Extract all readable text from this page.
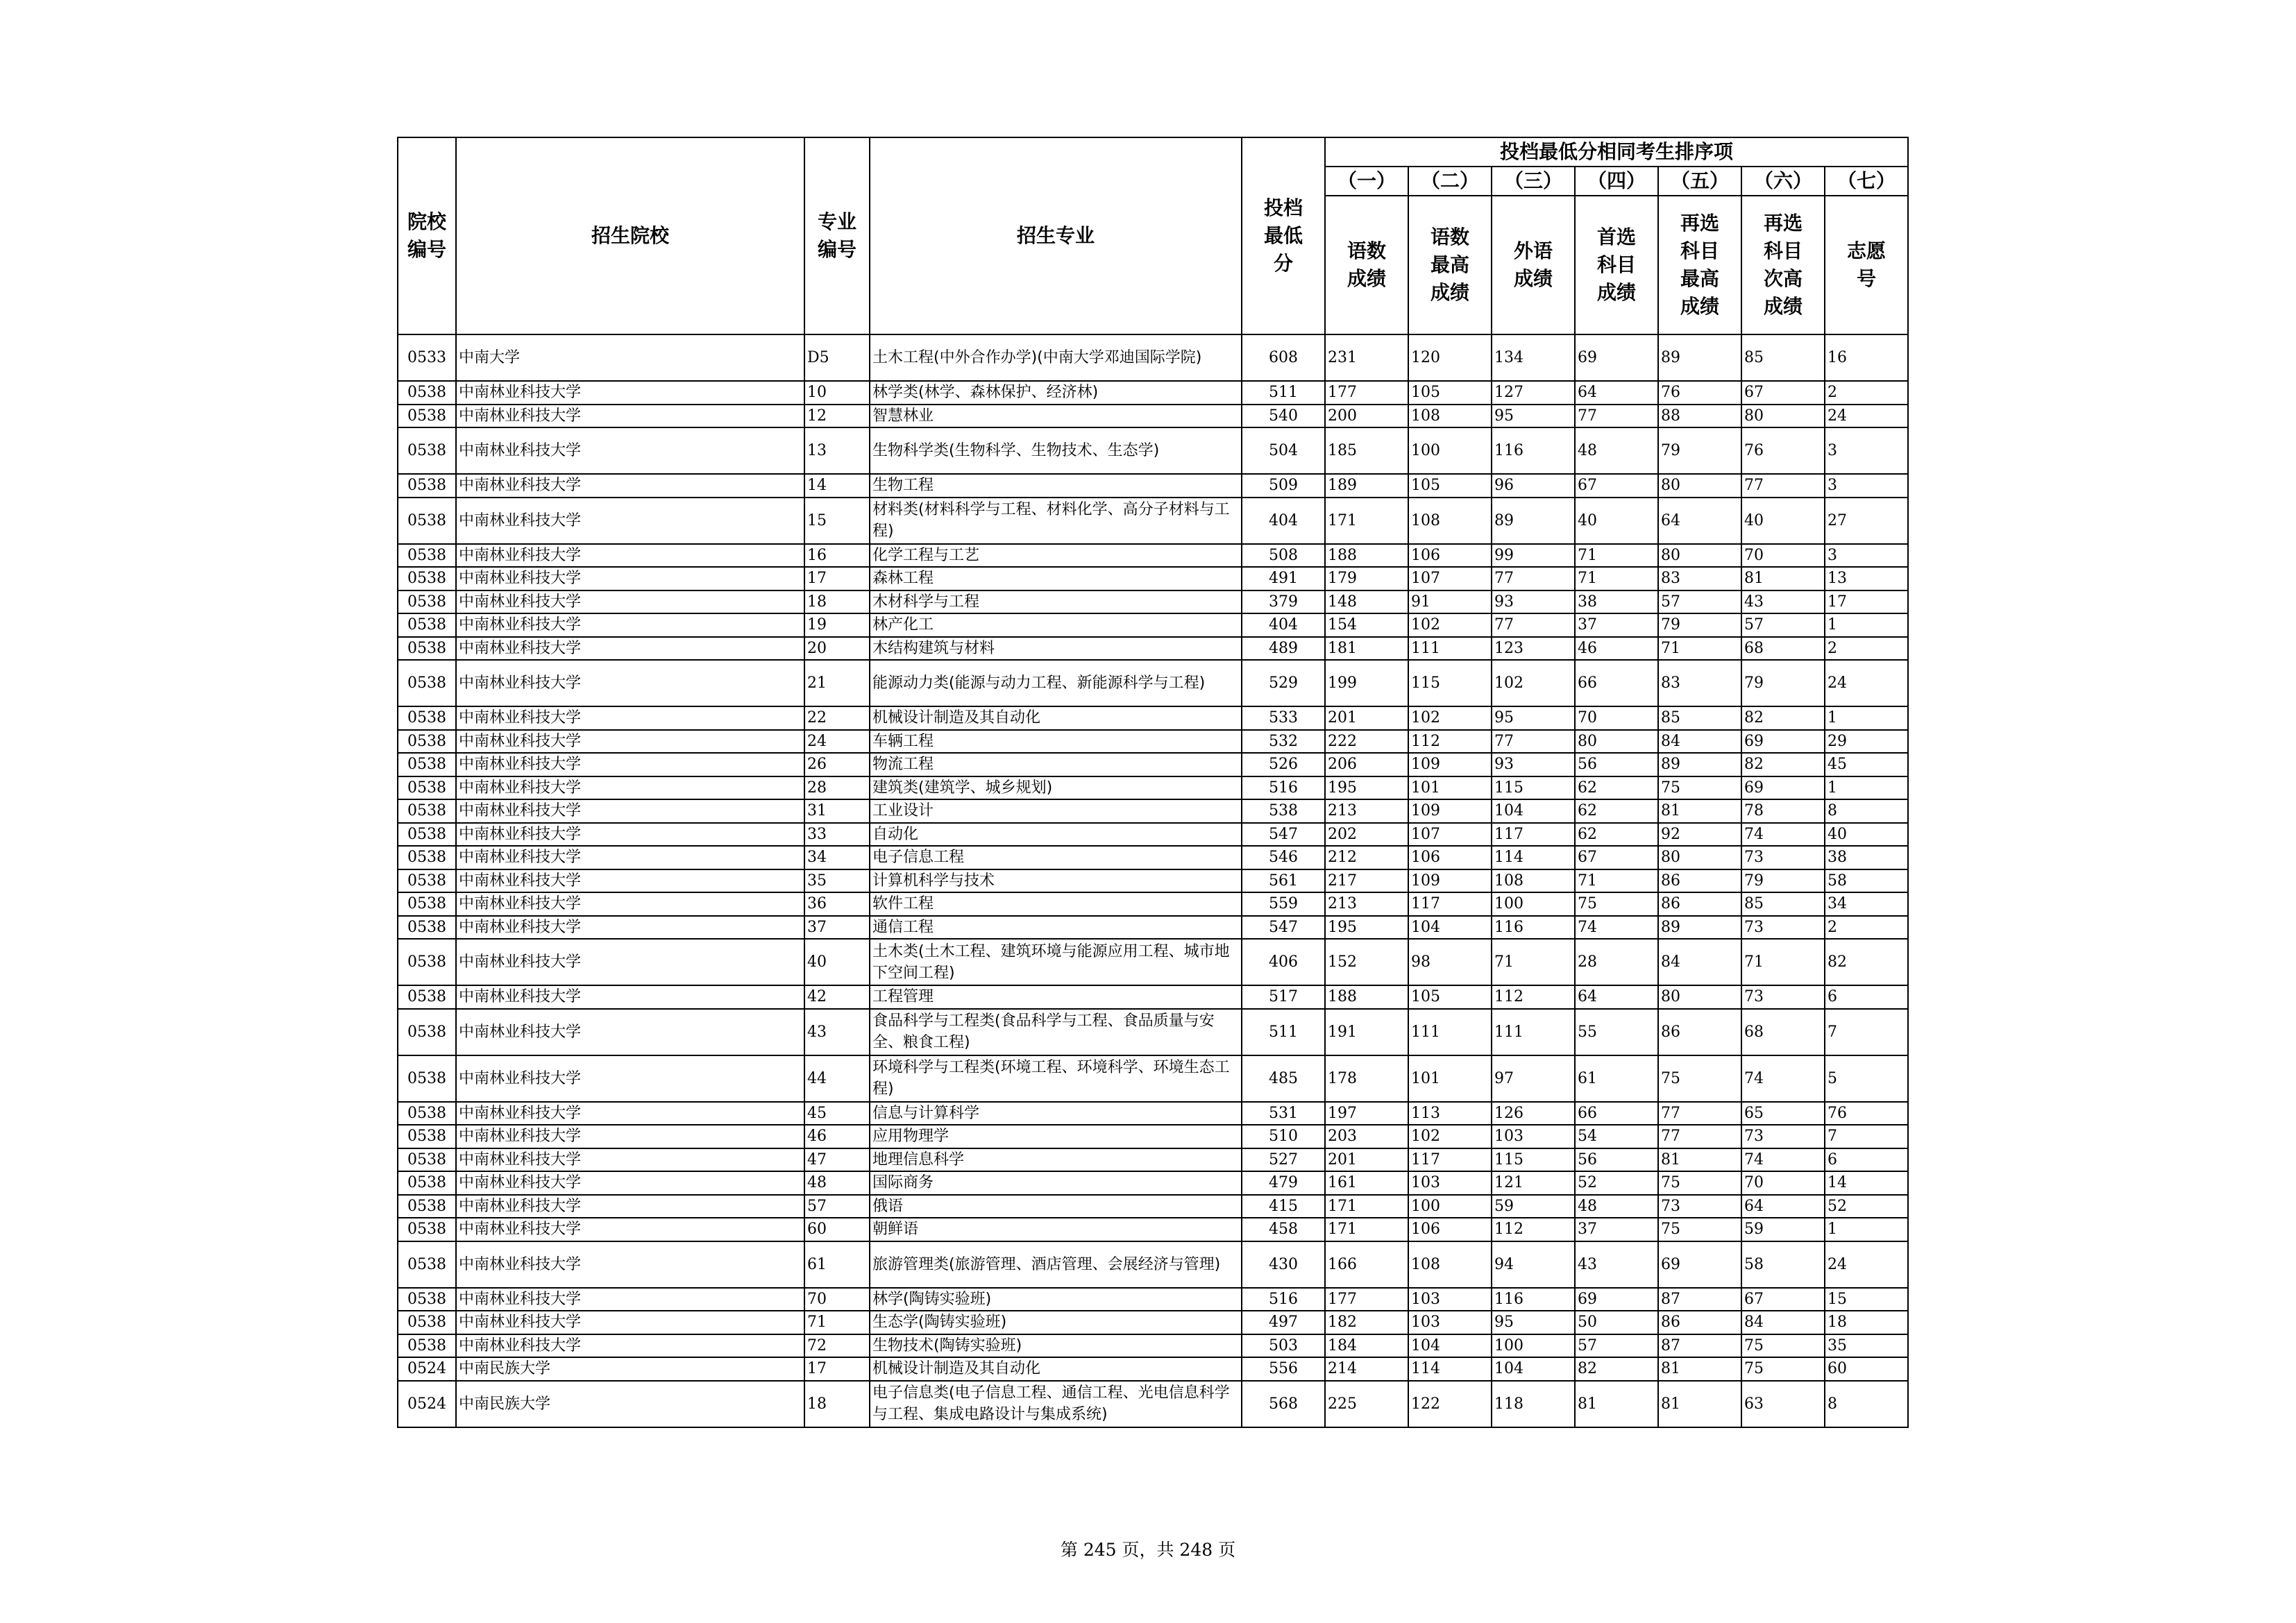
院校编号	招生院校	专业编号	招生专业	投档最低分	投档最低分相同考生排序项						
					（一）	（二）	（三）	（四）	（五）	（六）	（七）
					语数成绩	语数最高成绩	外语成绩	首选科目成绩	再选科目最高成绩	再选科目次高成绩	志愿号
0533	中南大学	D5	土木工程(中外合作办学)(中南大学邓迪国际学院)	608	231	120	134	69	89	85	16
0538	中南林业科技大学	10	林学类(林学、森林保护、经济林)	511	177	105	127	64	76	67	2
0538	中南林业科技大学	12	智慧林业	540	200	108	95	77	88	80	24
0538	中南林业科技大学	13	生物科学类(生物科学、生物技术、生态学)	504	185	100	116	48	79	76	3
0538	中南林业科技大学	14	生物工程	509	189	105	96	67	80	77	3
0538	中南林业科技大学	15	材料类(材料科学与工程、材料化学、高分子材料与工程)	404	171	108	89	40	64	40	27
0538	中南林业科技大学	16	化学工程与工艺	508	188	106	99	71	80	70	3
0538	中南林业科技大学	17	森林工程	491	179	107	77	71	83	81	13
0538	中南林业科技大学	18	木材科学与工程	379	148	91	93	38	57	43	17
0538	中南林业科技大学	19	林产化工	404	154	102	77	37	79	57	1
0538	中南林业科技大学	20	木结构建筑与材料	489	181	111	123	46	71	68	2
0538	中南林业科技大学	21	能源动力类(能源与动力工程、新能源科学与工程)	529	199	115	102	66	83	79	24
0538	中南林业科技大学	22	机械设计制造及其自动化	533	201	102	95	70	85	82	1
0538	中南林业科技大学	24	车辆工程	532	222	112	77	80	84	69	29
0538	中南林业科技大学	26	物流工程	526	206	109	93	56	89	82	45
0538	中南林业科技大学	28	建筑类(建筑学、城乡规划)	516	195	101	115	62	75	69	1
0538	中南林业科技大学	31	工业设计	538	213	109	104	62	81	78	8
0538	中南林业科技大学	33	自动化	547	202	107	117	62	92	74	40
0538	中南林业科技大学	34	电子信息工程	546	212	106	114	67	80	73	38
0538	中南林业科技大学	35	计算机科学与技术	561	217	109	108	71	86	79	58
0538	中南林业科技大学	36	软件工程	559	213	117	100	75	86	85	34
0538	中南林业科技大学	37	通信工程	547	195	104	116	74	89	73	2
0538	中南林业科技大学	40	土木类(土木工程、建筑环境与能源应用工程、城市地下空间工程)	406	152	98	71	28	84	71	82
0538	中南林业科技大学	42	工程管理	517	188	105	112	64	80	73	6
0538	中南林业科技大学	43	食品科学与工程类(食品科学与工程、食品质量与安全、粮食工程)	511	191	111	111	55	86	68	7
0538	中南林业科技大学	44	环境科学与工程类(环境工程、环境科学、环境生态工程)	485	178	101	97	61	75	74	5
0538	中南林业科技大学	45	信息与计算科学	531	197	113	126	66	77	65	76
0538	中南林业科技大学	46	应用物理学	510	203	102	103	54	77	73	7
0538	中南林业科技大学	47	地理信息科学	527	201	117	115	56	81	74	6
0538	中南林业科技大学	48	国际商务	479	161	103	121	52	75	70	14
0538	中南林业科技大学	57	俄语	415	171	100	59	48	73	64	52
0538	中南林业科技大学	60	朝鲜语	458	171	106	112	37	75	59	1
0538	中南林业科技大学	61	旅游管理类(旅游管理、酒店管理、会展经济与管理)	430	166	108	94	43	69	58	24
0538	中南林业科技大学	70	林学(陶铸实验班)	516	177	103	116	69	87	67	15
0538	中南林业科技大学	71	生态学(陶铸实验班)	497	182	103	95	50	86	84	18
0538	中南林业科技大学	72	生物技术(陶铸实验班)	503	184	104	100	57	87	75	35
0524	中南民族大学	17	机械设计制造及其自动化	556	214	114	104	82	81	75	60
0524	中南民族大学	18	电子信息类(电子信息工程、通信工程、光电信息科学与工程、集成电路设计与集成系统)	568	225	122	118	81	81	63	8
第 245 页，共 248 页
